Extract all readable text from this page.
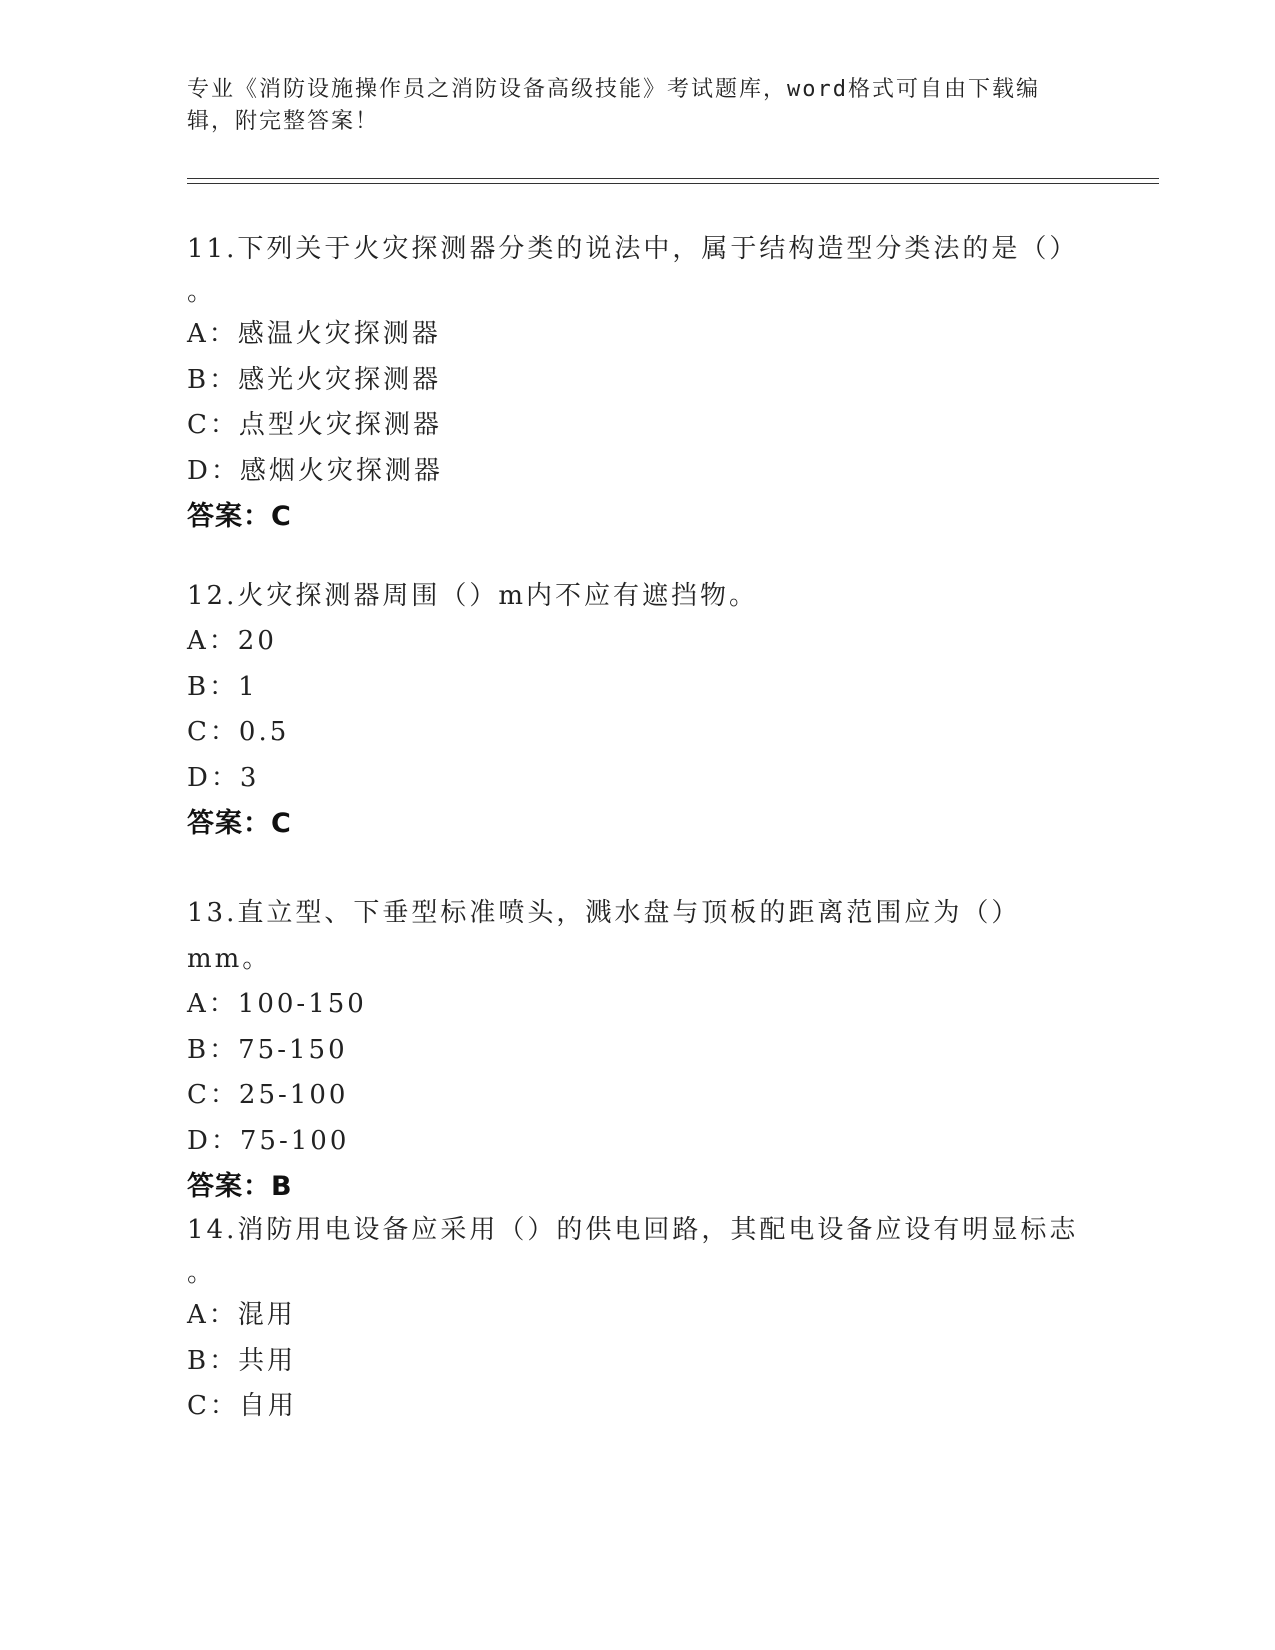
专业《消防设施操作员之消防设备高级技能》考试题库，word格式可自由下载编
辑，附完整答案！
11.下列关于火灾探测器分类的说法中，属于结构造型分类法的是（）
。
A：感温火灾探测器
B：感光火灾探测器
C：点型火灾探测器
D：感烟火灾探测器
答案：C
12.火灾探测器周围（）m内不应有遮挡物。
A：20
B：1
C：0.5
D：3
答案：C
13.直立型、下垂型标准喷头，溅水盘与顶板的距离范围应为（）mm。
A：100-150
B：75-150
C：25-100
D：75-100
答案：B
14.消防用电设备应采用（）的供电回路，其配电设备应设有明显标志
。
A：混用
B：共用
C：自用
